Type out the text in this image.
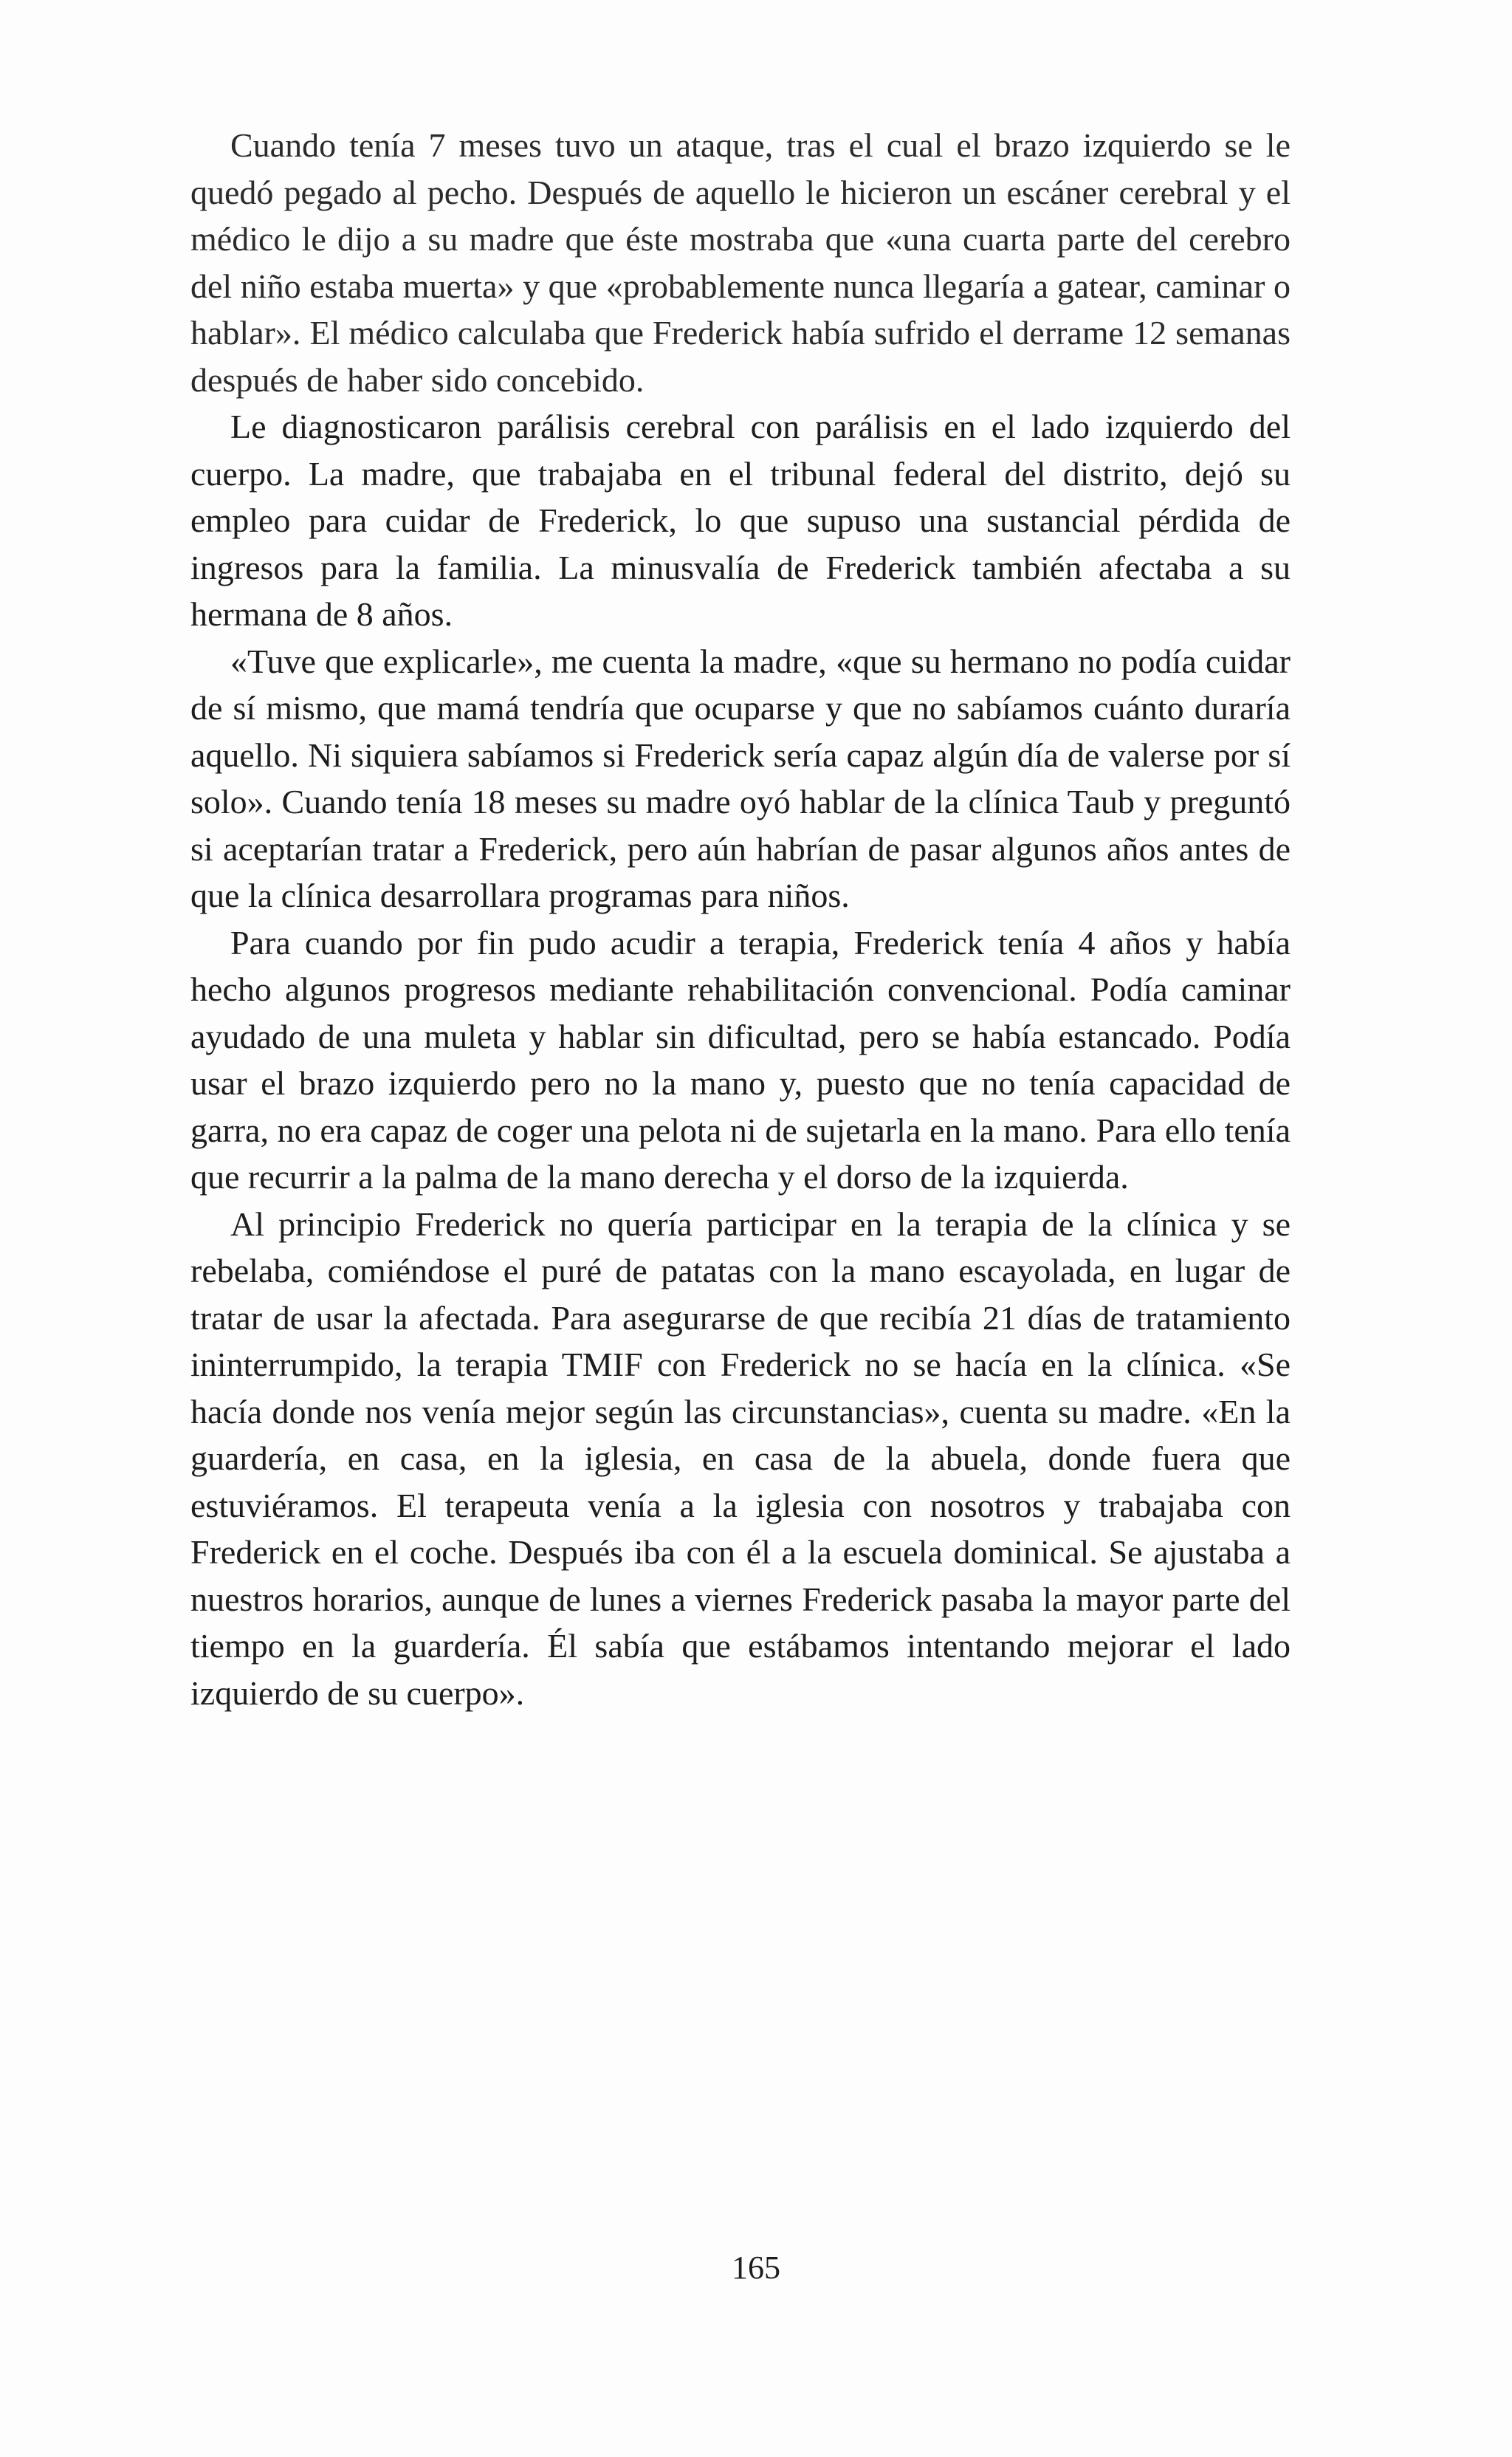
Cuando tenía 7 meses tuvo un ataque, tras el cual el brazo izquierdo se le quedó pegado al pecho. Después de aquello le hicieron un escáner cerebral y el médico le dijo a su madre que éste mostraba que «una cuarta parte del cerebro del niño estaba muerta» y que «probablemente nunca llegaría a gatear, caminar o hablar». El médico calculaba que Frederick había sufrido el derrame 12 semanas después de haber sido concebido.

Le diagnosticaron parálisis cerebral con parálisis en el lado izquierdo del cuerpo. La madre, que trabajaba en el tribunal federal del distrito, dejó su empleo para cuidar de Frederick, lo que supuso una sustancial pérdida de ingresos para la familia. La minusvalía de Frederick también afectaba a su hermana de 8 años.

«Tuve que explicarle», me cuenta la madre, «que su hermano no podía cuidar de sí mismo, que mamá tendría que ocuparse y que no sabíamos cuánto duraría aquello. Ni siquiera sabíamos si Frederick sería capaz algún día de valerse por sí solo». Cuando tenía 18 meses su madre oyó hablar de la clínica Taub y preguntó si aceptarían tratar a Frederick, pero aún habrían de pasar algunos años antes de que la clínica desarrollara programas para niños.

Para cuando por fin pudo acudir a terapia, Frederick tenía 4 años y había hecho algunos progresos mediante rehabilitación convencional. Podía caminar ayudado de una muleta y hablar sin dificultad, pero se había estancado. Podía usar el brazo izquierdo pero no la mano y, puesto que no tenía capacidad de garra, no era capaz de coger una pelota ni de sujetarla en la mano. Para ello tenía que recurrir a la palma de la mano derecha y el dorso de la izquierda.

Al principio Frederick no quería participar en la terapia de la clínica y se rebelaba, comiéndose el puré de patatas con la mano escayolada, en lugar de tratar de usar la afectada. Para asegurarse de que recibía 21 días de tratamiento ininterrumpido, la terapia TMIF con Frederick no se hacía en la clínica. «Se hacía donde nos venía mejor según las circunstancias», cuenta su madre. «En la guardería, en casa, en la iglesia, en casa de la abuela, donde fuera que estuviéramos. El terapeuta venía a la iglesia con nosotros y trabajaba con Frederick en el coche. Después iba con él a la escuela dominical. Se ajustaba a nuestros horarios, aunque de lunes a viernes Frederick pasaba la mayor parte del tiempo en la guardería. Él sabía que estábamos intentando mejorar el lado izquierdo de su cuerpo».

165
